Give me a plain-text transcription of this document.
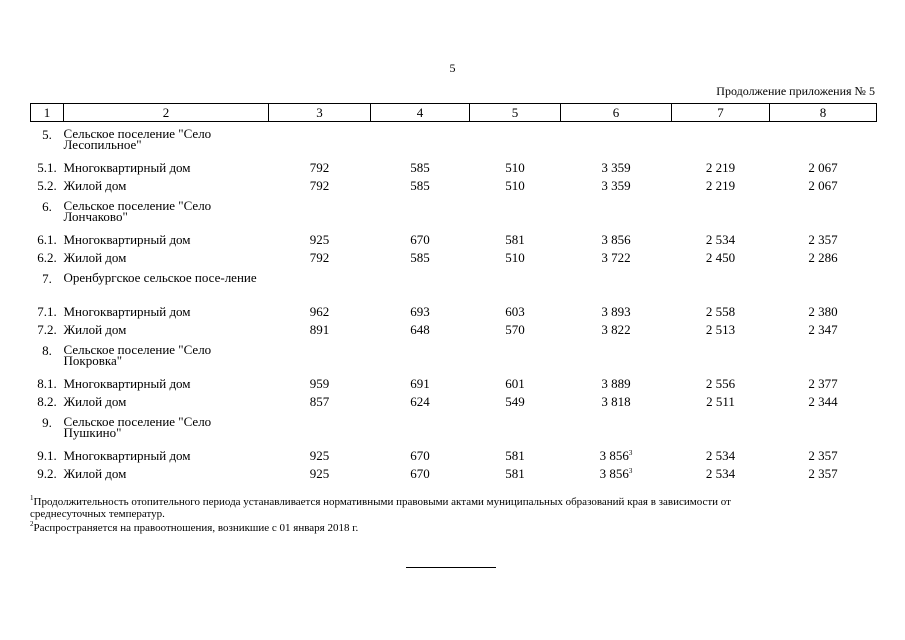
5
Продолжение приложения № 5
1	2	3	4	5	6	7	8
5.	Сельское поселение "Село Лесопильное"						
5.1.	Многоквартирный дом	792	585	510	3 359	2 219	2 067
5.2.	Жилой дом	792	585	510	3 359	2 219	2 067
6.	Сельское поселение "Село Лончаково"						
6.1.	Многоквартирный дом	925	670	581	3 856	2 534	2 357
6.2.	Жилой дом	792	585	510	3 722	2 450	2 286
7.	Оренбургское сельское посе-ление						
7.1.	Многоквартирный дом	962	693	603	3 893	2 558	2 380
7.2.	Жилой дом	891	648	570	3 822	2 513	2 347
8.	Сельское поселение "Село Покровка"						
8.1.	Многоквартирный дом	959	691	601	3 889	2 556	2 377
8.2.	Жилой дом	857	624	549	3 818	2 511	2 344
9.	Сельское поселение "Село Пушкино"						
9.1.	Многоквартирный дом	925	670	581	3 $856^3$	2 534	2 357
9.2.	Жилой дом	925	670	581	3 $856^3$	2 534	2 357
$^1$Продолжительность отопительного периода устанавливается нормативными правовыми актами муниципальных образований края в зависимости от
среднесуточных температур.
$^2$Распространяется на правоотношения, возникшие с 01 января 2018 г.
